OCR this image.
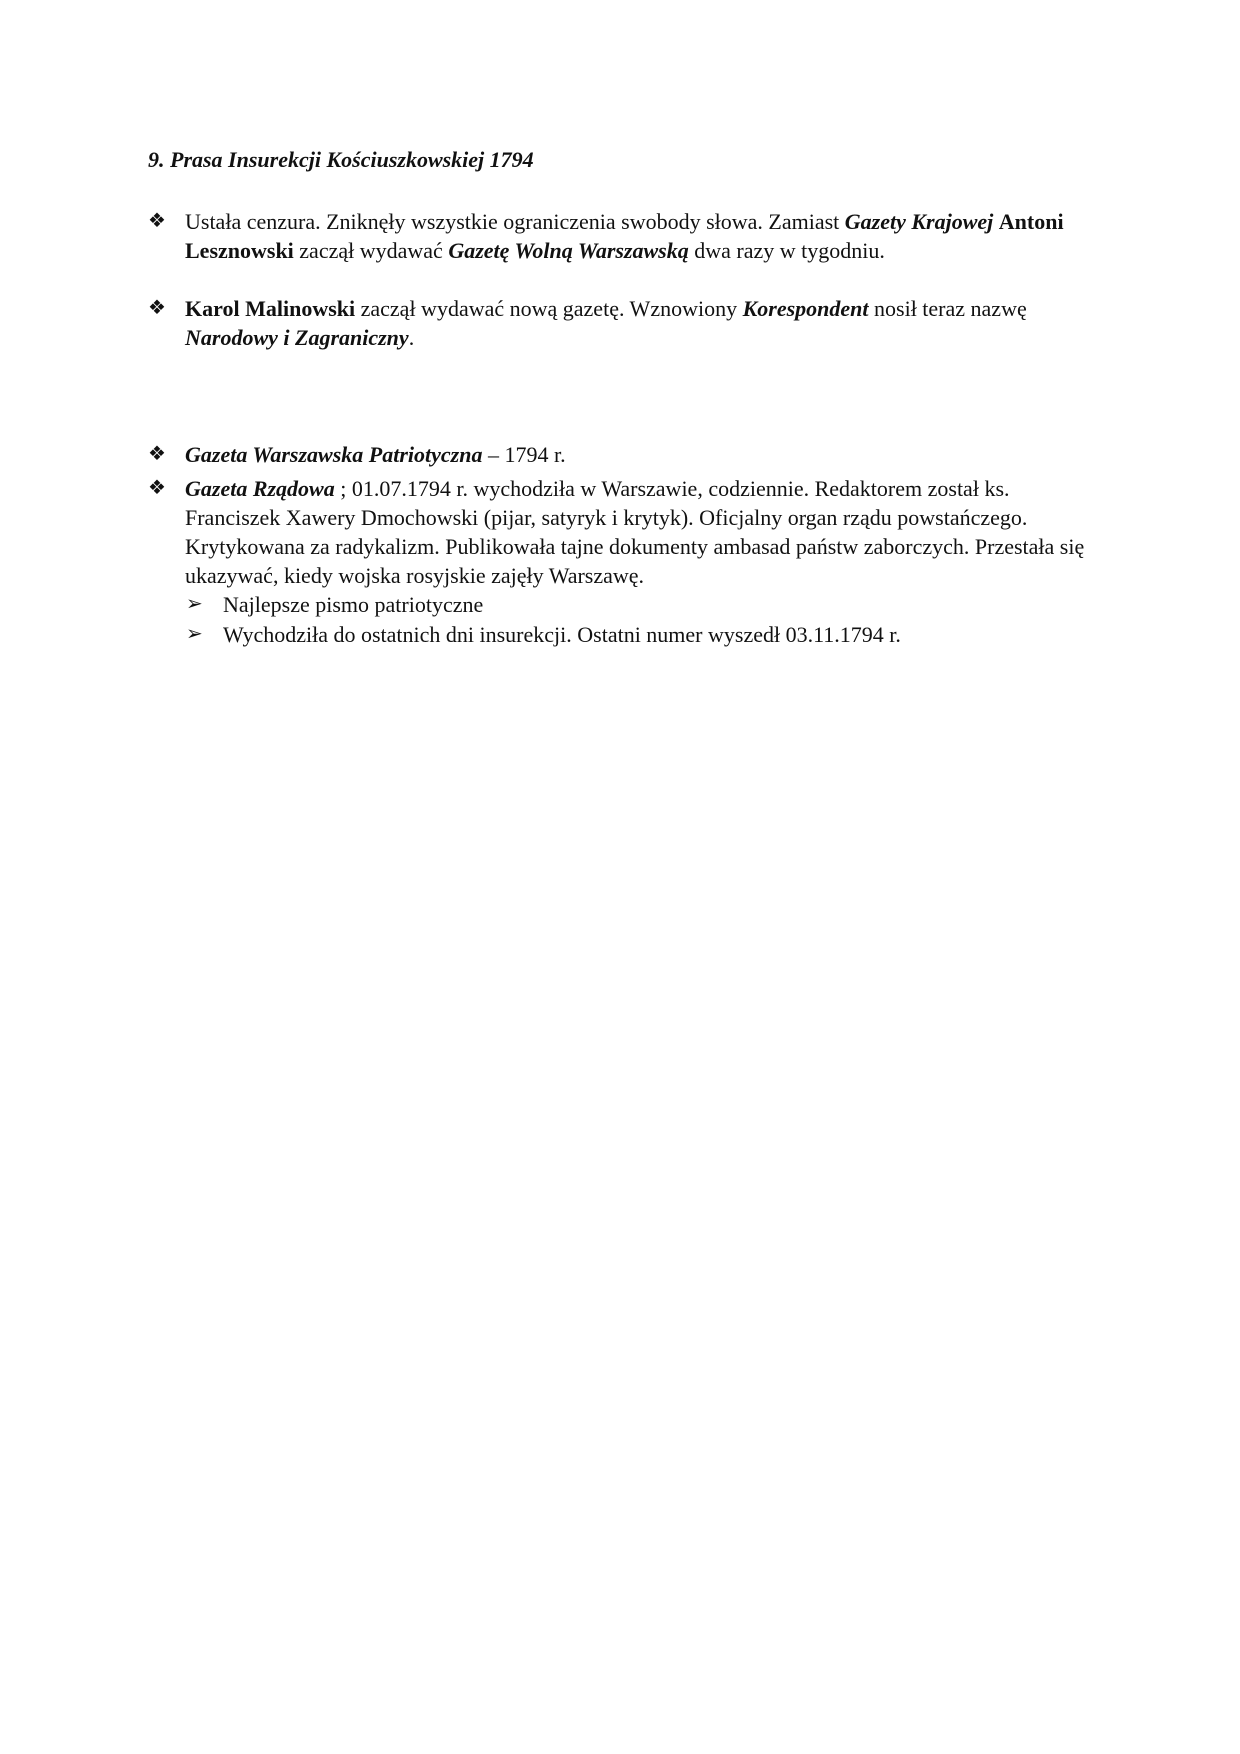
9. Prasa Insurekcji Kościuszkowskiej 1794
❖ Ustała cenzura. Zniknęły wszystkie ograniczenia swobody słowa. Zamiast Gazety Krajowej Antoni Lesznowski zaczął wydawać Gazetę Wolną Warszawską dwa razy w tygodniu.
❖ Karol Malinowski zaczął wydawać nową gazetę. Wznowiony Korespondent nosił teraz nazwę Narodowy i Zagraniczny.
❖ Gazeta Warszawska Patriotyczna – 1794 r.
❖ Gazeta Rządowa ; 01.07.1794 r. wychodziła w Warszawie, codziennie. Redaktorem został ks. Franciszek Xawery Dmochowski (pijar, satyryk i krytyk). Oficjalny organ rządu powstańczego. Krytykowana za radykalizm. Publikowała tajne dokumenty ambasad państw zaborczych. Przestała się ukazywać, kiedy wojska rosyjskie zajęły Warszawę.
➢ Najlepsze pismo patriotyczne
➢ Wychodziła do ostatnich dni insurekcji. Ostatni numer wyszedł 03.11.1794 r.
